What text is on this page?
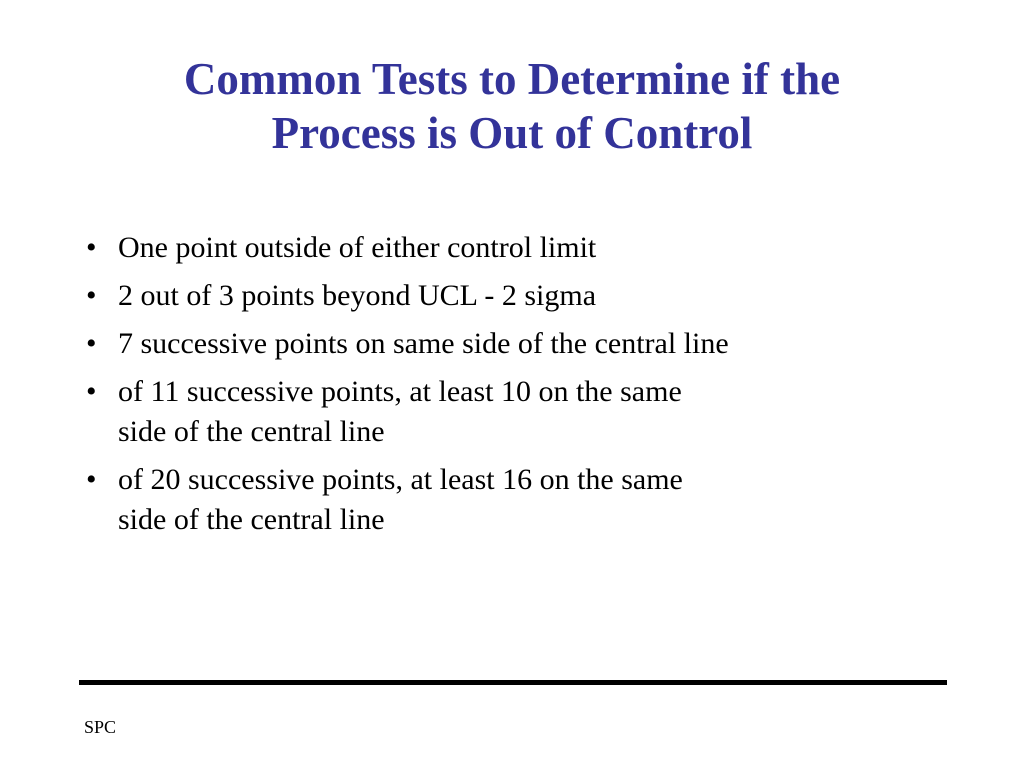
Common Tests to Determine if the
Process is Out of Control
• One point outside of either control limit
• 2 out of 3 points beyond UCL - 2 sigma
• 7 successive points on same side of the central line
• of 11 successive points, at least 10 on the same
side of the central line
• of 20 successive points, at least 16 on the same
side of the central line
SPC
